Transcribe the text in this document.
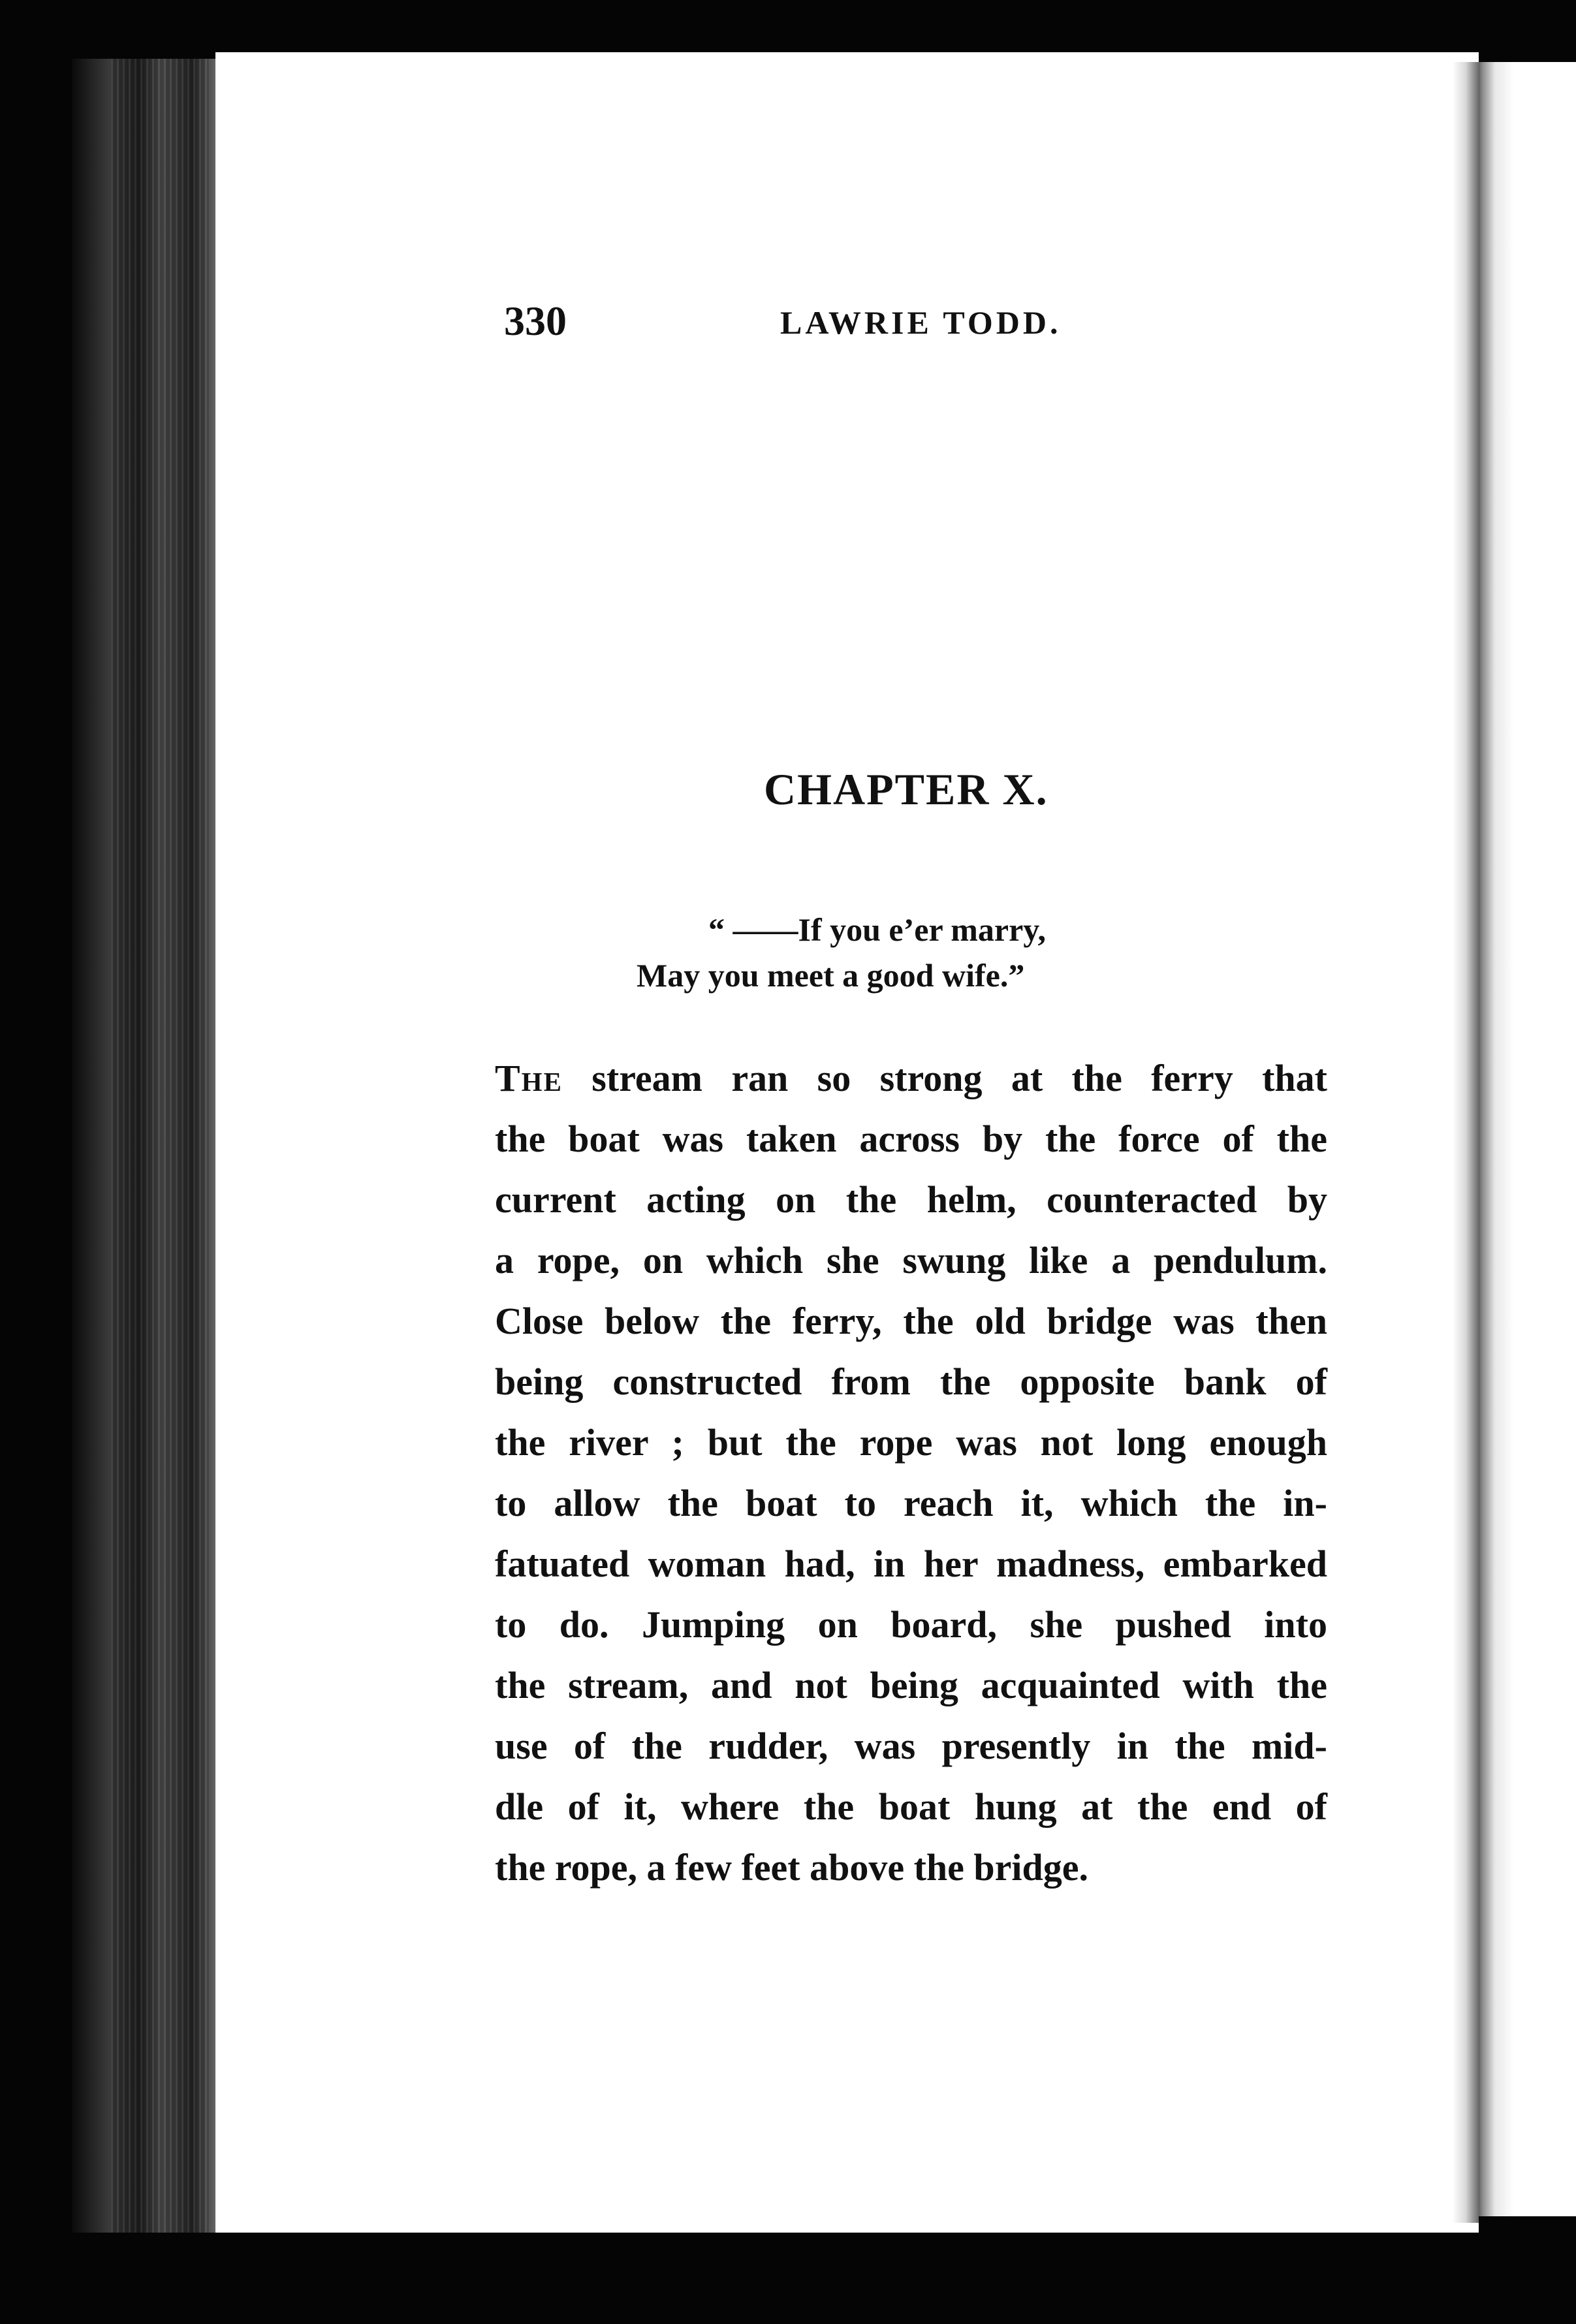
330	LAWRIE TODD.
CHAPTER X.
“ ——If you e’er marry,
May you meet a good wife.”
The stream ran so strong at the ferry that
the boat was taken across by the force of the
current acting on the helm, counteracted by
a rope, on which she swung like a pendulum.
Close below the ferry, the old bridge was then
being constructed from the opposite bank of
the river ; but the rope was not long enough
to allow the boat to reach it, which the in-
fatuated woman had, in her madness, embarked
to do. Jumping on board, she pushed into
the stream, and not being acquainted with the
use of the rudder, was presently in the mid-
dle of it, where the boat hung at the end of
the rope, a few feet above the bridge.
